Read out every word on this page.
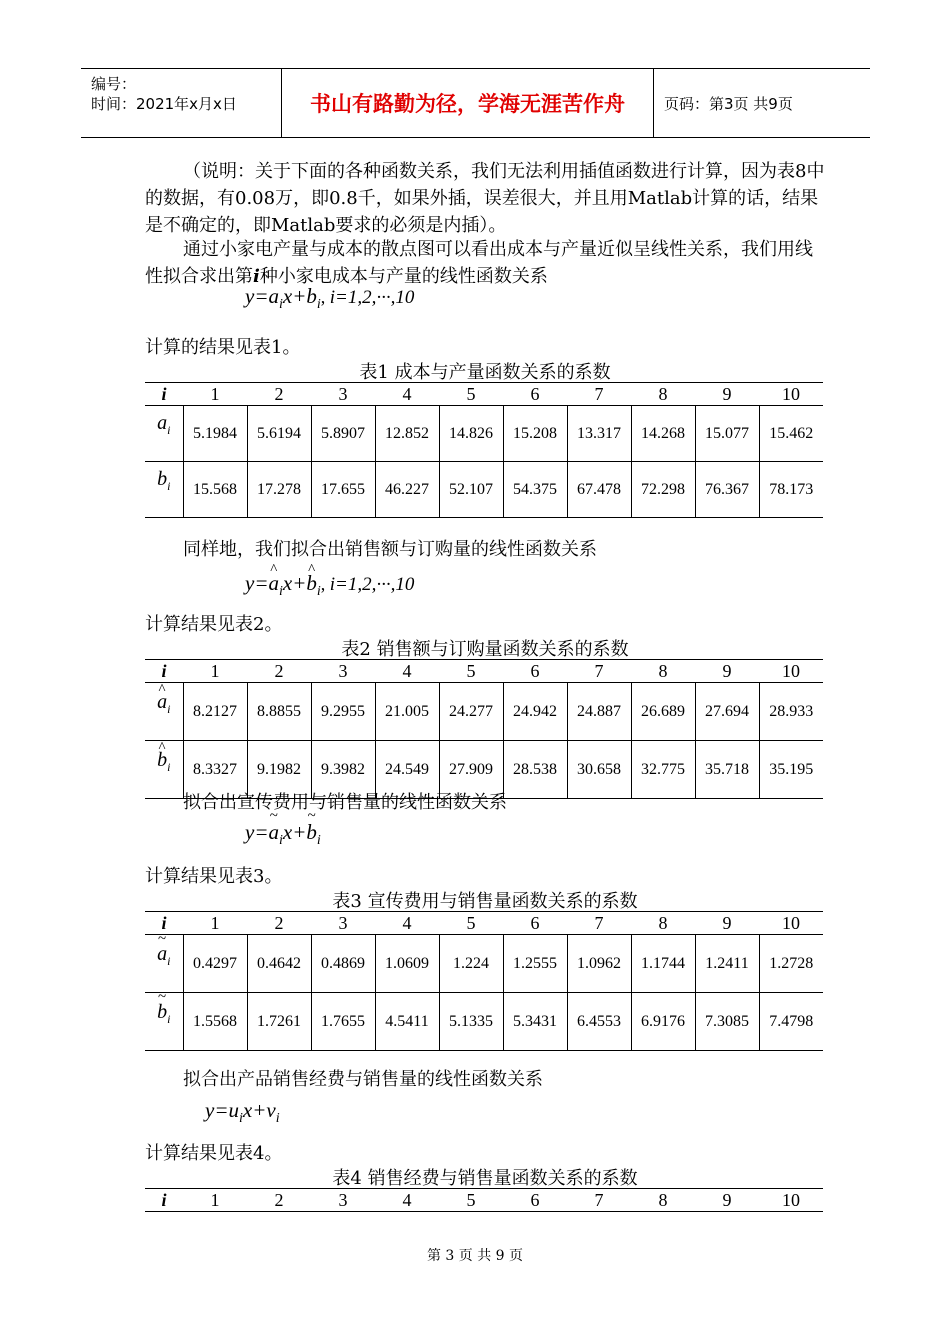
编号：
时间：2021年x月x日	书山有路勤为径，学海无涯苦作舟	页码：第3页 共9页
（说明：关于下面的各种函数关系，我们无法利用插值函数进行计算，因为表8中的数据，有0.08万，即0.8千，如果外插，误差很大，并且用Matlab计算的话，结果是不确定的，即Matlab要求的必须是内插）。
通过小家电产量与成本的散点图可以看出成本与产量近似呈线性关系，我们用线性拟合求出第i种小家电成本与产量的线性函数关系
$y=a_ix+b_i$, i=1,2,···,10
计算的结果见表1。
表1 成本与产量函数关系的系数
i	1	2	3	4	5	6	7	8	9	10
$a_i$	5.1984	5.6194	5.8907	12.852	14.826	15.208	13.317	14.268	15.077	15.462
$b_i$	15.568	17.278	17.655	46.227	52.107	54.375	67.478	72.298	76.367	78.173
同样地，我们拟合出销售额与订购量的线性函数关系
y=^ $a_ix+\^{}$ $b_i$, i=1,2,···,10
计算结果见表2。
表2 销售额与订购量函数关系的系数
i	1	2	3	4	5	6	7	8	9	10
^ $a_i$	8.2127	8.8855	9.2955	21.005	24.277	24.942	24.887	26.689	27.694	28.933
^ $b_i$	8.3327	9.1982	9.3982	24.549	27.909	28.538	30.658	32.775	35.718	35.195
拟合出宣传费用与销售量的线性函数关系
y=~ $a_ix+\sim$ $b_i$
计算结果见表3。
表3 宣传费用与销售量函数关系的系数
i	1	2	3	4	5	6	7	8	9	10
~ $a_i$	0.4297	0.4642	0.4869	1.0609	1.224	1.2555	1.0962	1.1744	1.2411	1.2728
~ $b_i$	1.5568	1.7261	1.7655	4.5411	5.1335	5.3431	6.4553	6.9176	7.3085	7.4798
拟合出产品销售经费与销售量的线性函数关系
$y=u_ix+v_i$
计算结果见表4。
表4 销售经费与销售量函数关系的系数
i	1	2	3	4	5	6	7	8	9	10
第 3 页 共 9 页
